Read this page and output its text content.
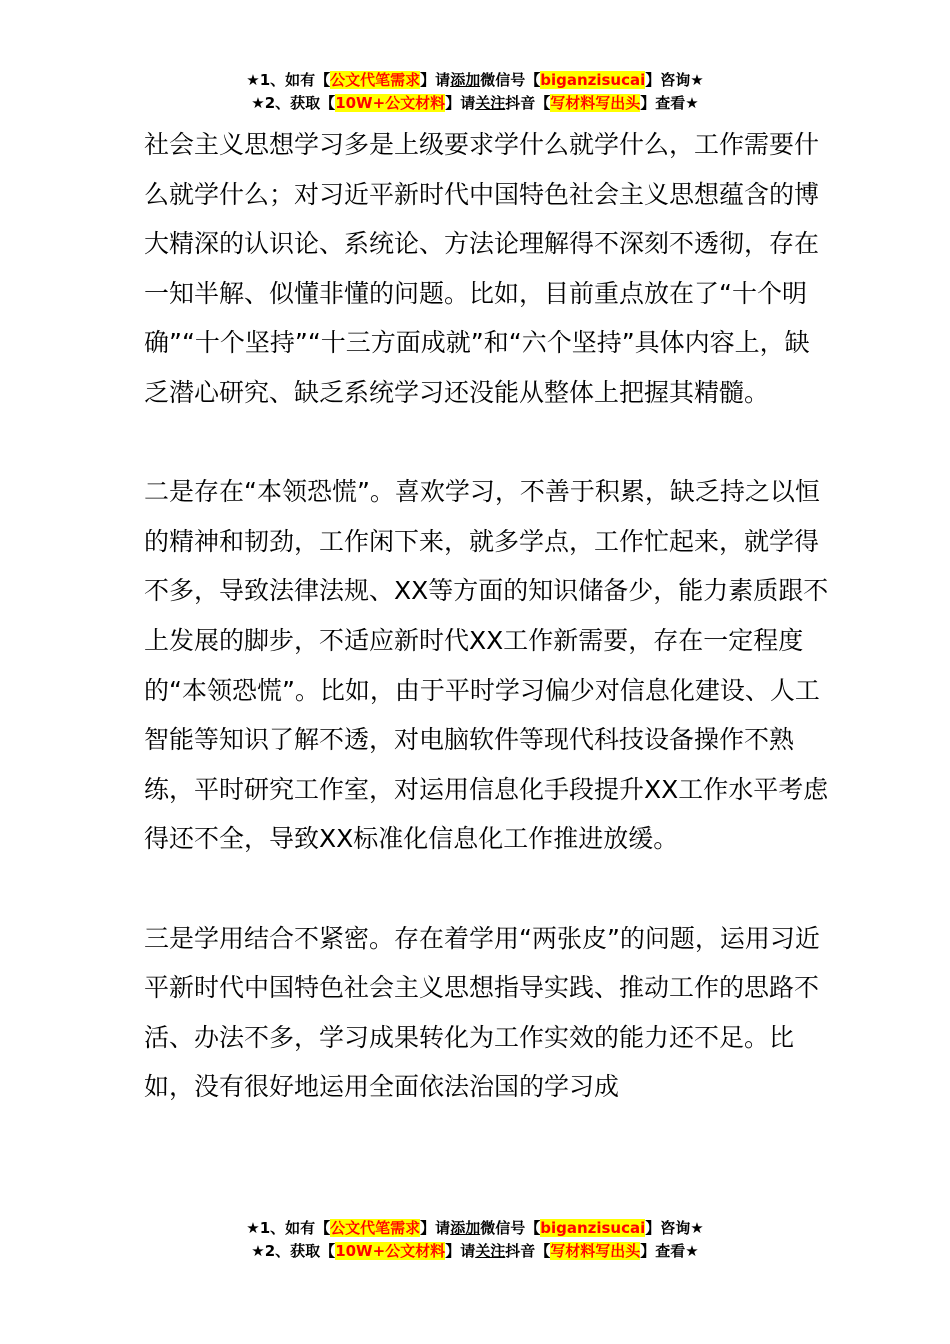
★1、如有【公文代笔需求】请添加微信号【biganzisucai】咨询★
★2、获取【10W+公文材料】请关注抖音【写材料写出头】查看★

社会主义思想学习多是上级要求学什么就学什么，工作需要什么就学什么；对习近平新时代中国特色社会主义思想蕴含的博大精深的认识论、系统论、方法论理解得不深刻不透彻，存在一知半解、似懂非懂的问题。比如，目前重点放在了“十个明确”“十个坚持”“十三方面成就”和“六个坚持”具体内容上，缺乏潜心研究、缺乏系统学习还没能从整体上把握其精髓。

二是存在“本领恐慌”。喜欢学习，不善于积累，缺乏持之以恒的精神和韧劲，工作闲下来，就多学点，工作忙起来，就学得不多，导致法律法规、XX等方面的知识储备少，能力素质跟不上发展的脚步，不适应新时代XX工作新需要，存在一定程度的“本领恐慌”。比如，由于平时学习偏少对信息化建设、人工智能等知识了解不透，对电脑软件等现代科技设备操作不熟练，平时研究工作室，对运用信息化手段提升XX工作水平考虑得还不全，导致XX标准化信息化工作推进放缓。

三是学用结合不紧密。存在着学用“两张皮”的问题，运用习近平新时代中国特色社会主义思想指导实践、推动工作的思路不活、办法不多，学习成果转化为工作实效的能力还不足。比如，没有很好地运用全面依法治国的学习成

★1、如有【公文代笔需求】请添加微信号【biganzisucai】咨询★
★2、获取【10W+公文材料】请关注抖音【写材料写出头】查看★
